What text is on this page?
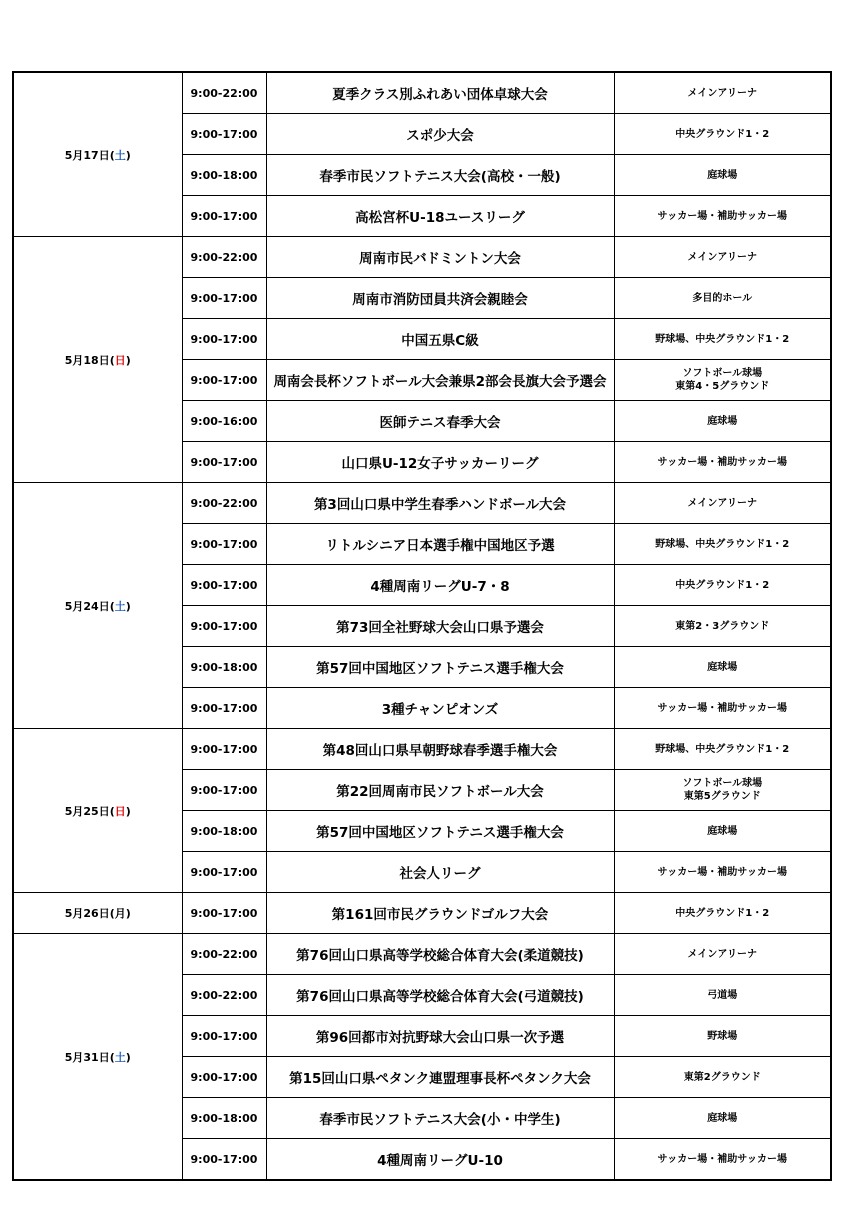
5月17日(土)	9:00-22:00	夏季クラス別ふれあい団体卓球大会	メインアリーナ

	9:00-17:00	スポ少大会	中央グラウンド1・2

	9:00-18:00	春季市民ソフトテニス大会(高校・一般)	庭球場

	9:00-17:00	高松宮杯U-18ユースリーグ	サッカー場・補助サッカー場

5月18日(日)	9:00-22:00	周南市民バドミントン大会	メインアリーナ

	9:00-17:00	周南市消防団員共済会親睦会	多目的ホール

	9:00-17:00	中国五県C級	野球場、中央グラウンド1・2

	9:00-17:00	周南会長杯ソフトボール大会兼県2部会長旗大会予選会	ソフトボール球場
東第4・5グラウンド

	9:00-16:00	医師テニス春季大会	庭球場

	9:00-17:00	山口県U-12女子サッカーリーグ	サッカー場・補助サッカー場

5月24日(土)	9:00-22:00	第3回山口県中学生春季ハンドボール大会	メインアリーナ

	9:00-17:00	リトルシニア日本選手権中国地区予選	野球場、中央グラウンド1・2

	9:00-17:00	4種周南リーグU-7・8	中央グラウンド1・2

	9:00-17:00	第73回全社野球大会山口県予選会	東第2・3グラウンド

	9:00-18:00	第57回中国地区ソフトテニス選手権大会	庭球場

	9:00-17:00	3種チャンピオンズ	サッカー場・補助サッカー場

5月25日(日)	9:00-17:00	第48回山口県早朝野球春季選手権大会	野球場、中央グラウンド1・2

	9:00-17:00	第22回周南市民ソフトボール大会	ソフトボール球場
東第5グラウンド

	9:00-18:00	第57回中国地区ソフトテニス選手権大会	庭球場

	9:00-17:00	社会人リーグ	サッカー場・補助サッカー場

5月26日(月)	9:00-17:00	第161回市民グラウンドゴルフ大会	中央グラウンド1・2

5月31日(土)	9:00-22:00	第76回山口県高等学校総合体育大会(柔道競技)	メインアリーナ

	9:00-22:00	第76回山口県高等学校総合体育大会(弓道競技)	弓道場

	9:00-17:00	第96回都市対抗野球大会山口県一次予選	野球場

	9:00-17:00	第15回山口県ペタンク連盟理事長杯ペタンク大会	東第2グラウンド

	9:00-18:00	春季市民ソフトテニス大会(小・中学生)	庭球場

	9:00-17:00	4種周南リーグU-10	サッカー場・補助サッカー場
